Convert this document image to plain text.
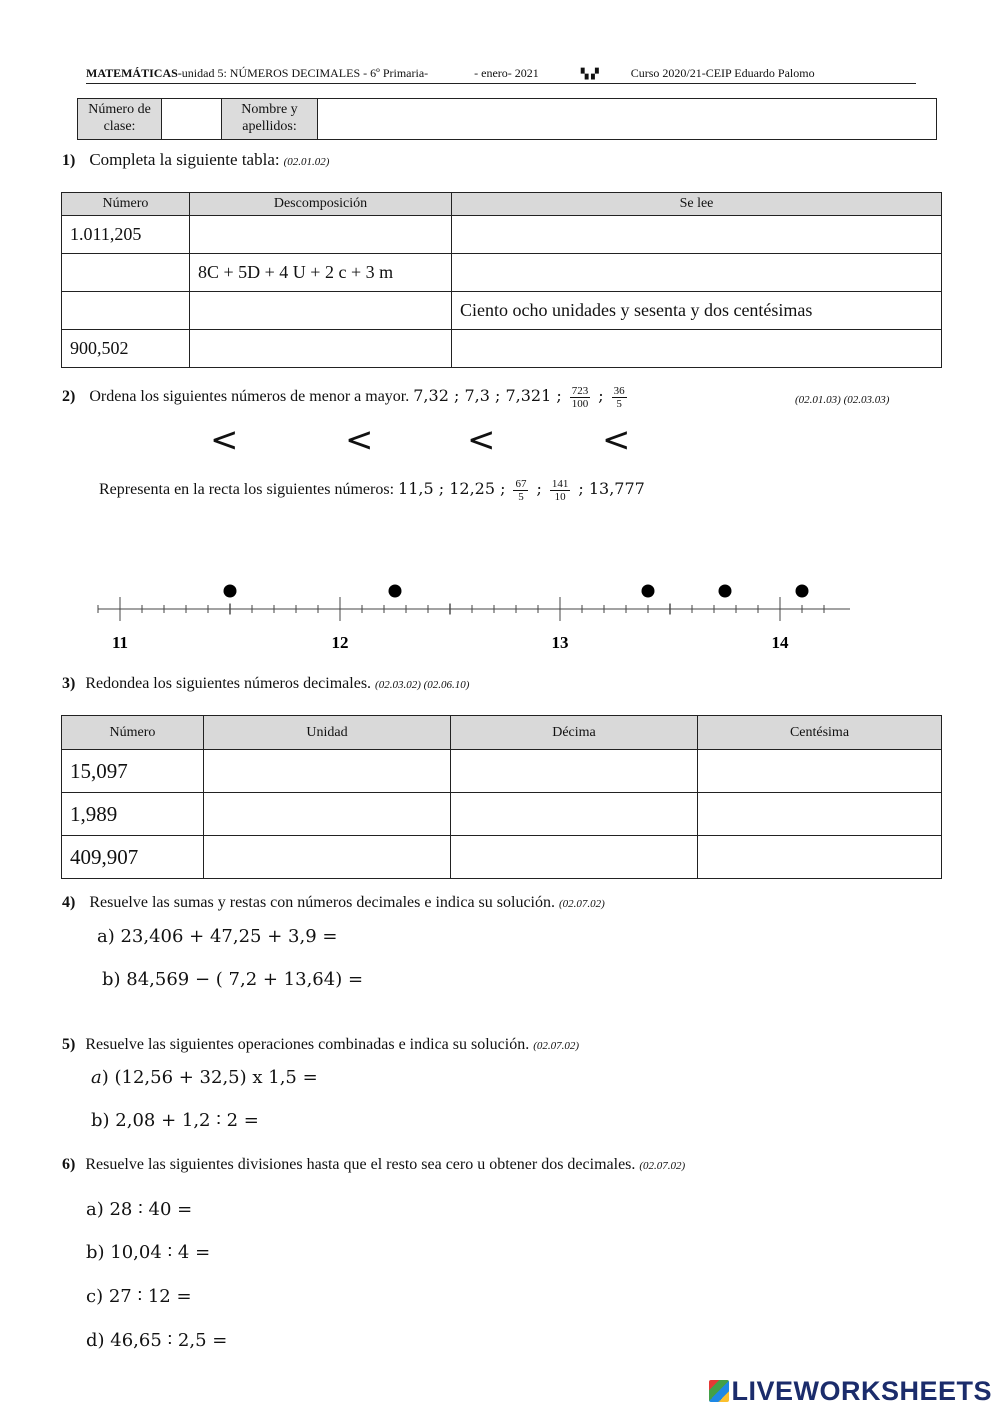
MATEMÁTICAS-unidad 5: NÚMEROS DECIMALES - 6º Primaria-	- enero- 2021	▚ ▞	Curso 2020/21-CEIP Eduardo Palomo
Número de clase:
Nombre y apellidos:
1) Completa la siguiente tabla: (02.01.02)
Número	Descomposición	Se lee
1.011,205		
	8C + 5D + 4 U + 2 c + 3 m	
		Ciento ocho unidades y sesenta y dos centésimas
900,502		
2) Ordena los siguientes números de menor a mayor. 7,32 ; 7,3 ; 7,321 ; $\frac{723}{100}$ ; $\frac{36}{5}$	(02.01.03) (02.03.03)
<	<	<	<
Representa en la recta los siguientes números: 11,5 ; 12,25 ; $\frac{67}{5}$ ; $\frac{141}{10}$ ; 13,777
11	12	13	14
3) Redondea los siguientes números decimales. (02.03.02) (02.06.10)
Número	Unidad	Décima	Centésima
15,097			
1,989			
409,907			
4) Resuelve las sumas y restas con números decimales e indica su solución. (02.07.02)
a) 23,406 + 47,25 + 3,9 =
b) 84,569 − ( 7,2 + 13,64) =
5) Resuelve las siguientes operaciones combinadas e indica su solución. (02.07.02)
𝑎) (12,56 + 32,5) x 1,5 =
b) 2,08 + 1,2 ∶ 2 =
6) Resuelve las siguientes divisiones hasta que el resto sea cero u obtener dos decimales. (02.07.02)
a) 28 ∶ 40 =
b) 10,04 ∶ 4 =
c) 27 ∶ 12 =
d) 46,65 ∶ 2,5 =
LIVEWORKSHEETS
